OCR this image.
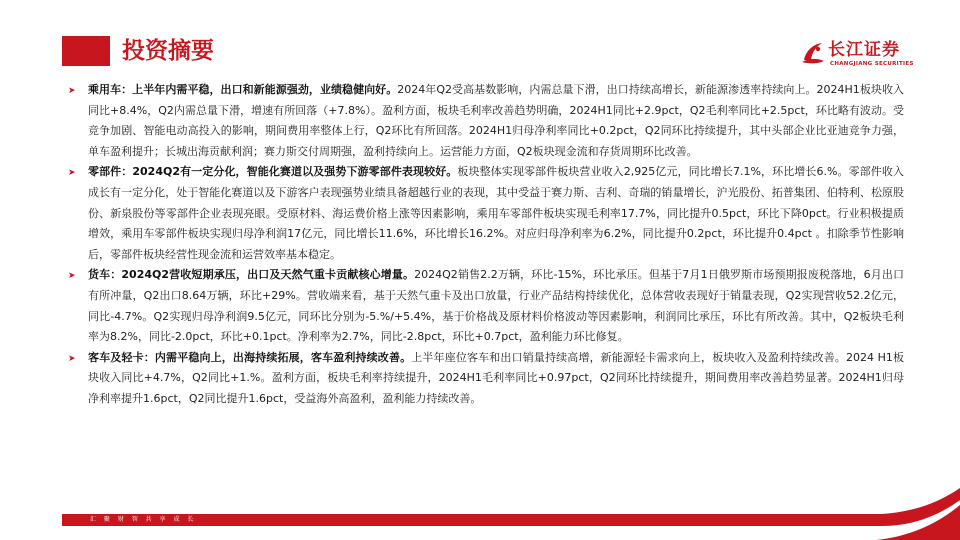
投资摘要	长江证券
CHANGJIANG SECURITIES
➤ 乘用车：上半年内需平稳，出口和新能源强劲，业绩稳健向好。2024年Q2受高基数影响，内需总量下滑，出口持续高增长，新能源渗透率持续向上。2024H1板块收入同比+8.4%，Q2内需总量下滑，增速有所回落（+7.8%）。盈利方面，板块毛利率改善趋势明确，2024H1同比+2.9pct，Q2毛利率同比+2.5pct，环比略有波动。受竞争加剧、智能电动高投入的影响，期间费用率整体上行，Q2环比有所回落。2024H1归母净利率同比+0.2pct，Q2同环比持续提升，其中头部企业比亚迪竞争力强，单车盈利提升；长城出海贡献利润；赛力斯交付周期强，盈利持续向上。运营能力方面，Q2板块现金流和存货周期环比改善。
➤ 零部件：2024Q2有一定分化，智能化赛道以及强势下游零部件表现较好。板块整体实现零部件板块营业收入2,925亿元，同比增长7.1%，环比增长6.%。零部件收入成长有一定分化，处于智能化赛道以及下游客户表现强势业绩具备超越行业的表现，其中受益于赛力斯、吉利、奇瑞的销量增长，沪光股份、拓普集团、伯特利、松原股份、新泉股份等零部件企业表现亮眼。受原材料、海运费价格上涨等因素影响，乘用车零部件板块实现毛利率17.7%，同比提升0.5pct，环比下降0pct。行业积极提质增效，乘用车零部件板块实现归母净利润17亿元，同比增长11.6%，环比增长16.2%。对应归母净利率为6.2%，同比提升0.2pct，环比提升0.4pct 。扣除季节性影响后，零部件板块经营性现金流和运营效率基本稳定。
➤ 货车：2024Q2营收短期承压，出口及天然气重卡贡献核心增量。2024Q2销售2.2万辆，环比-15%，环比承压。但基于7月1日俄罗斯市场预期报废税落地，6月出口有所冲量，Q2出口8.64万辆，环比+29%。营收端来看，基于天然气重卡及出口放量，行业产品结构持续优化，总体营收表现好于销量表现，Q2实现营收52.2亿元，同比-4.7%。Q2实现归母净利润9.5亿元，同环比分别为-5.%/+5.4%，基于价格战及原材料价格波动等因素影响，利润同比承压，环比有所改善。其中，Q2板块毛利率为8.2%，同比-2.0pct，环比+0.1pct。净利率为2.7%，同比-2.8pct，环比+0.7pct，盈利能力环比修复。
➤ 客车及轻卡：内需平稳向上，出海持续拓展，客车盈利持续改善。上半年座位客车和出口销量持续高增，新能源轻卡需求向上，板块收入及盈利持续改善。2024 H1板块收入同比+4.7%，Q2同比+1.%。盈利方面，板块毛利率持续提升，2024H1毛利率同比+0.97pct，Q2同环比持续提升，期间费用率改善趋势显著。2024H1归母净利率提升1.6pct，Q2同比提升1.6pct，受益海外高盈利，盈利能力持续改善。
汇 聚 财 智 共 享 成 长
